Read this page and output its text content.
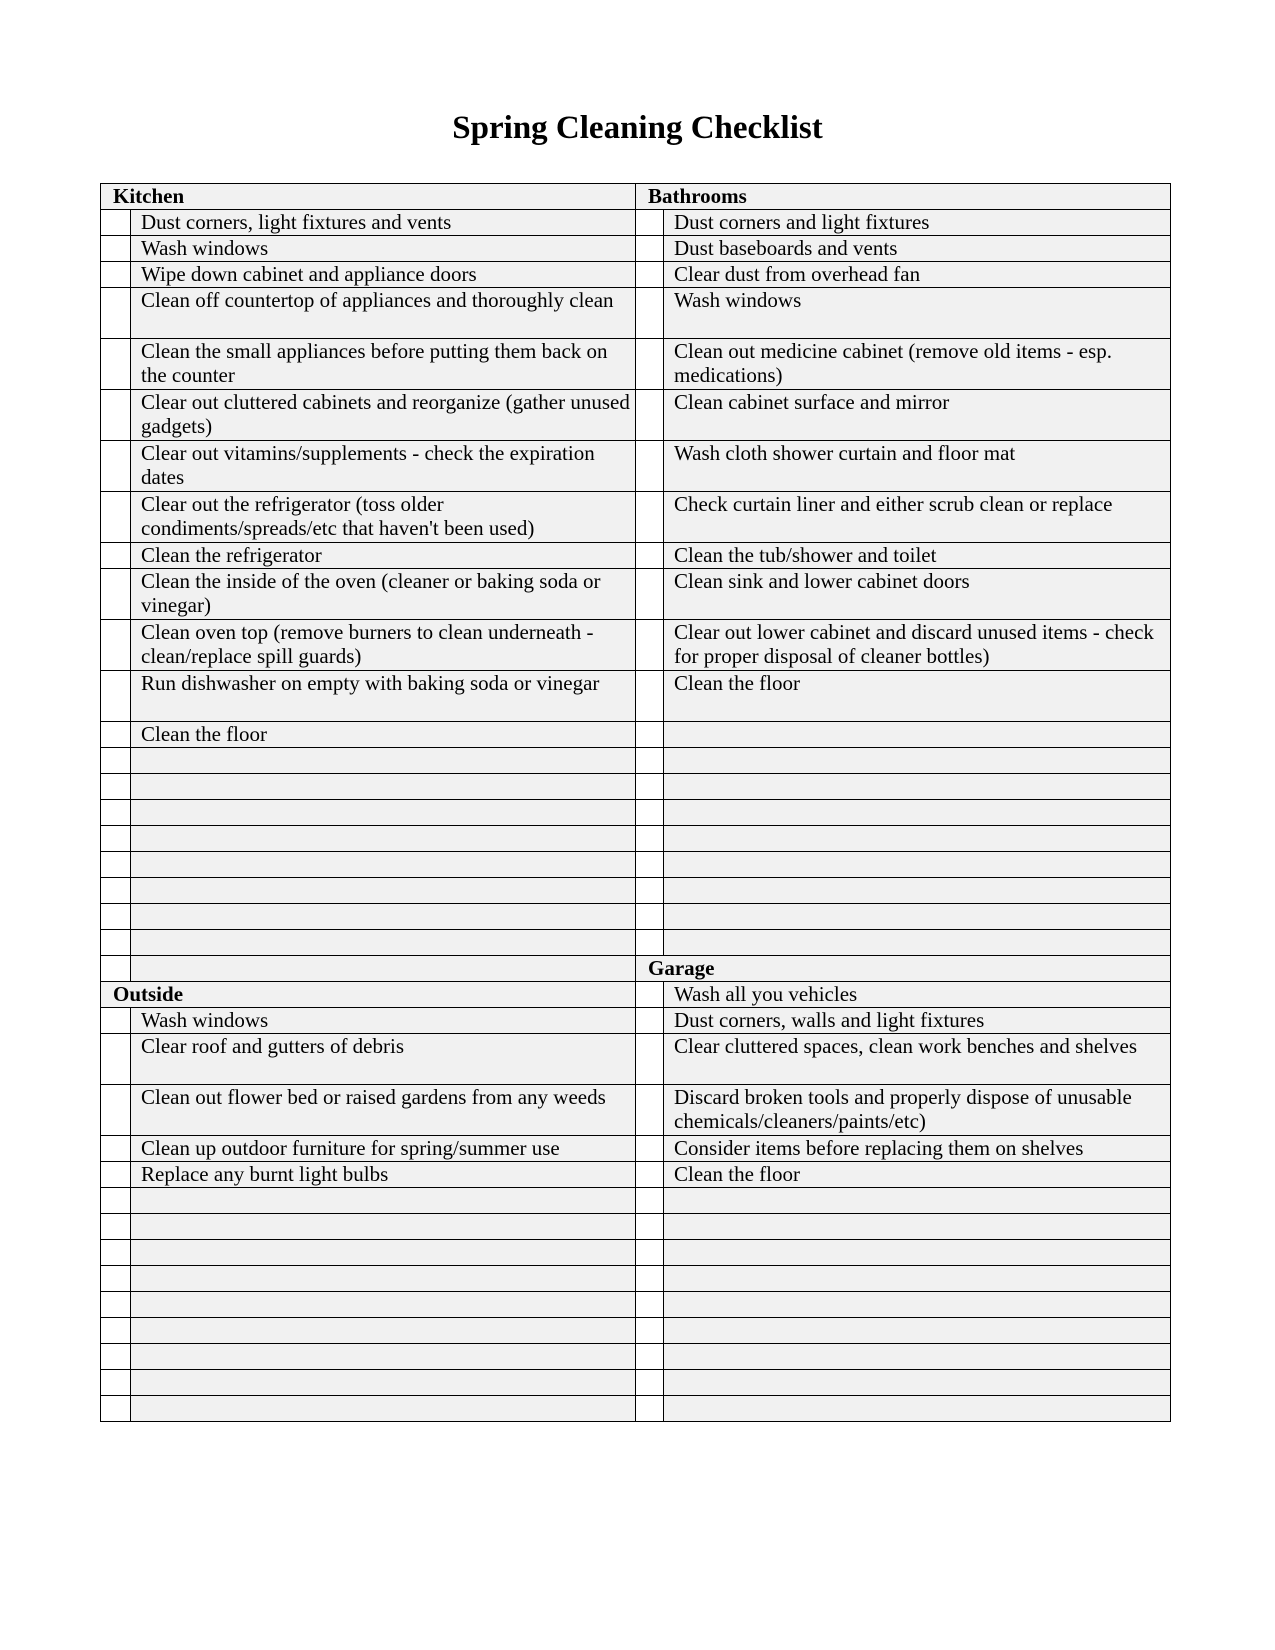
Spring Cleaning Checklist
Kitchen		Bathrooms	
	Dust corners, light fixtures and vents		Dust corners and light fixtures
	Wash windows		Dust baseboards and vents
	Wipe down cabinet and appliance doors		Clear dust from overhead fan
	Clean off countertop of appliances and thoroughly clean		Wash windows
	Clean the small appliances before putting them back on the counter		Clean out medicine cabinet (remove old items - esp. medications)
	Clear out cluttered cabinets and reorganize (gather unused gadgets)		Clean cabinet surface and mirror
	Clear out vitamins/supplements - check the expiration dates		Wash cloth shower curtain and floor mat
	Clear out the refrigerator (toss older condiments/spreads/etc that haven't been used)		Check curtain liner and either scrub clean or replace
	Clean the refrigerator		Clean the tub/shower and toilet
	Clean the inside of the oven (cleaner or baking soda or vinegar)		Clean sink and lower cabinet doors
	Clean oven top (remove burners to clean underneath - clean/replace spill guards)		Clear out lower cabinet and discard unused items - check for proper disposal of cleaner bottles)
	Run dishwasher on empty with baking soda or vinegar		Clean the floor
	Clean the floor		

		Garage	
Outside			Wash all you vehicles
	Wash windows		Dust corners, walls and light fixtures
	Clear roof and gutters of debris		Clear cluttered spaces, clean work benches and shelves
	Clean out flower bed or raised gardens from any weeds		Discard broken tools and properly dispose of unusable chemicals/cleaners/paints/etc)
	Clean up outdoor furniture for spring/summer use		Consider items before replacing them on shelves
	Replace any burnt light bulbs		Clean the floor
